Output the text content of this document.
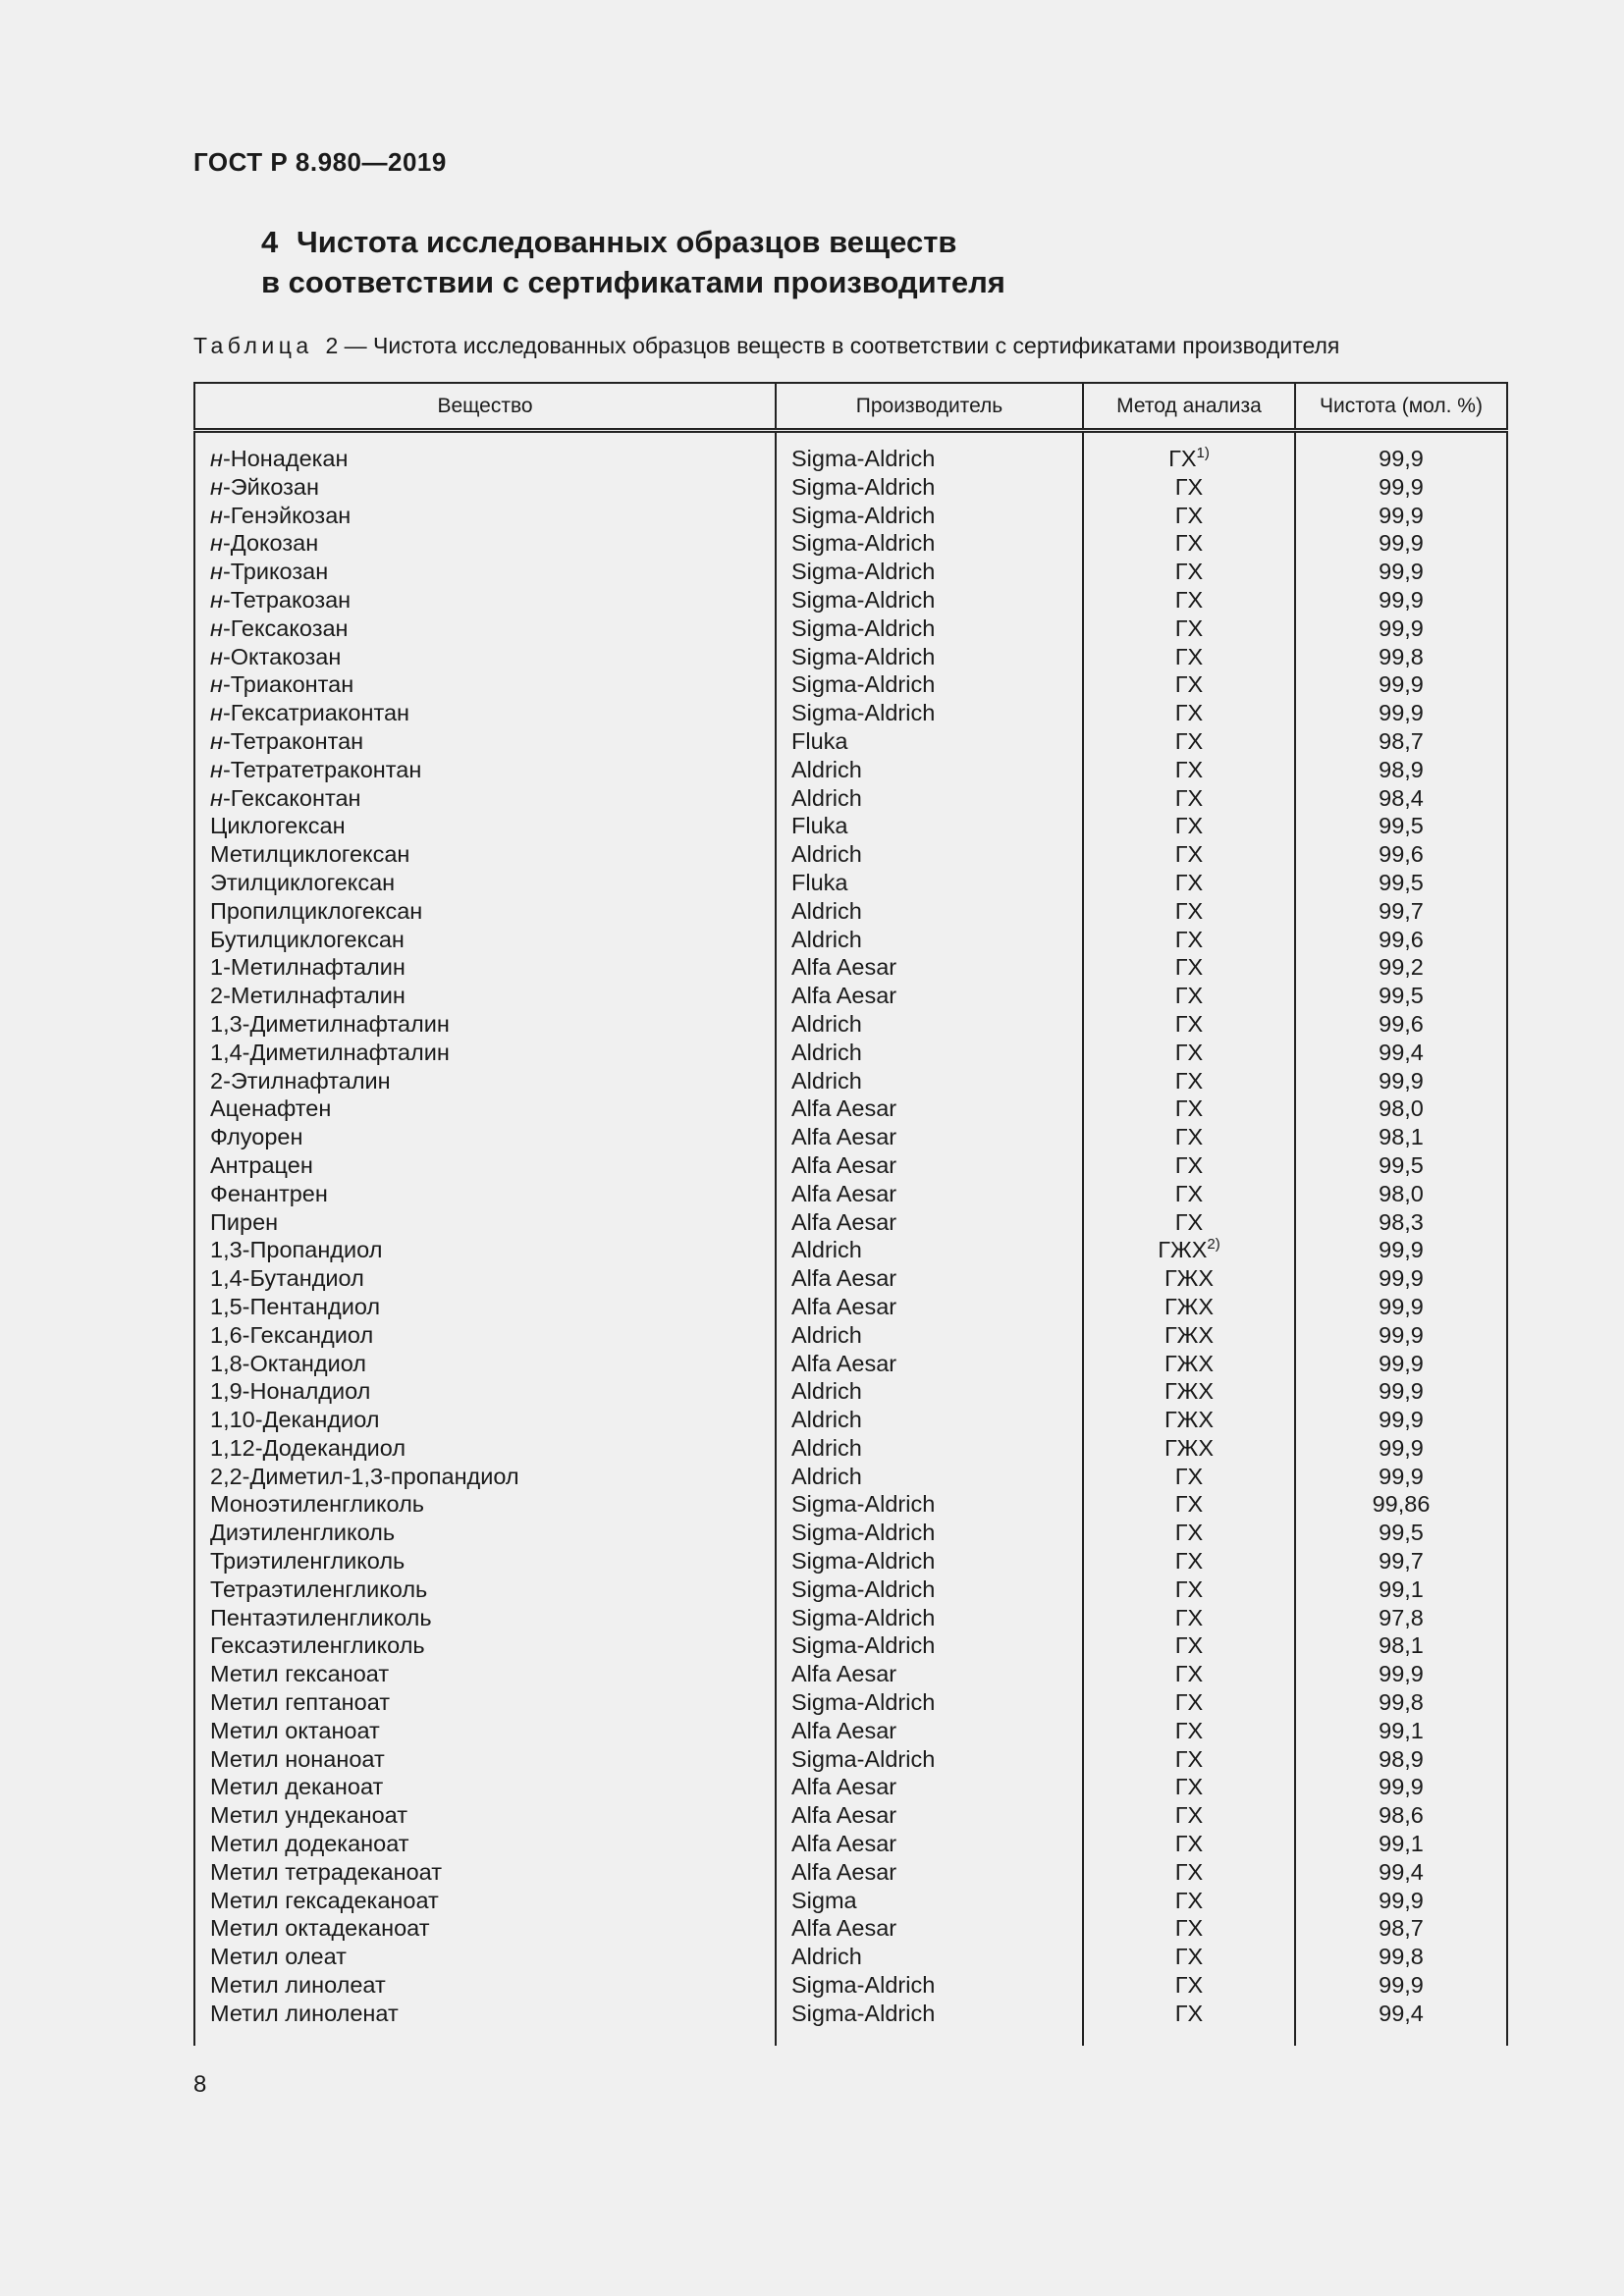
ГОСТ Р 8.980—2019
4 Чистота исследованных образцов веществ
в соответствии с сертификатами производителя
Таблица 2 — Чистота исследованных образцов веществ в соответствии с сертификатами производителя
Вещество	Производитель	Метод анализа	Чистота (мол. %)

н-Нонадекан	Sigma-Aldrich	ГХ$^{1)}$	99,9
н-Эйкозан	Sigma-Aldrich	ГХ	99,9
н-Генэйкозан	Sigma-Aldrich	ГХ	99,9
н-Докозан	Sigma-Aldrich	ГХ	99,9
н-Трикозан	Sigma-Aldrich	ГХ	99,9
н-Тетракозан	Sigma-Aldrich	ГХ	99,9
н-Гексакозан	Sigma-Aldrich	ГХ	99,9
н-Октакозан	Sigma-Aldrich	ГХ	99,8
н-Триаконтан	Sigma-Aldrich	ГХ	99,9
н-Гексатриаконтан	Sigma-Aldrich	ГХ	99,9
н-Тетраконтан	Fluka	ГХ	98,7
н-Тетратетраконтан	Aldrich	ГХ	98,9
н-Гексаконтан	Aldrich	ГХ	98,4
Циклогексан	Fluka	ГХ	99,5
Метилциклогексан	Aldrich	ГХ	99,6
Этилциклогексан	Fluka	ГХ	99,5
Пропилциклогексан	Aldrich	ГХ	99,7
Бутилциклогексан	Aldrich	ГХ	99,6
1-Метилнафталин	Alfa Aesar	ГХ	99,2
2-Метилнафталин	Alfa Aesar	ГХ	99,5
1,3-Диметилнафталин	Aldrich	ГХ	99,6
1,4-Диметилнафталин	Aldrich	ГХ	99,4
2-Этилнафталин	Aldrich	ГХ	99,9
Аценафтен	Alfa Aesar	ГХ	98,0
Флуорен	Alfa Aesar	ГХ	98,1
Антрацен	Alfa Aesar	ГХ	99,5
Фенантрен	Alfa Aesar	ГХ	98,0
Пирен	Alfa Aesar	ГХ	98,3
1,3-Пропандиол	Aldrich	ГЖХ$^{2)}$	99,9
1,4-Бутандиол	Alfa Aesar	ГЖХ	99,9
1,5-Пентандиол	Alfa Aesar	ГЖХ	99,9
1,6-Гександиол	Aldrich	ГЖХ	99,9
1,8-Октандиол	Alfa Aesar	ГЖХ	99,9
1,9-Ноналдиол	Aldrich	ГЖХ	99,9
1,10-Декандиол	Aldrich	ГЖХ	99,9
1,12-Додекандиол	Aldrich	ГЖХ	99,9
2,2-Диметил-1,3-пропандиол	Aldrich	ГХ	99,9
Моноэтиленгликоль	Sigma-Aldrich	ГХ	99,86
Диэтиленгликоль	Sigma-Aldrich	ГХ	99,5
Триэтиленгликоль	Sigma-Aldrich	ГХ	99,7
Тетраэтиленгликоль	Sigma-Aldrich	ГХ	99,1
Пентаэтиленгликоль	Sigma-Aldrich	ГХ	97,8
Гексаэтиленгликоль	Sigma-Aldrich	ГХ	98,1
Метил гексаноат	Alfa Aesar	ГХ	99,9
Метил гептаноат	Sigma-Aldrich	ГХ	99,8
Метил октаноат	Alfa Aesar	ГХ	99,1
Метил нонаноат	Sigma-Aldrich	ГХ	98,9
Метил деканоат	Alfa Aesar	ГХ	99,9
Метил ундеканоат	Alfa Aesar	ГХ	98,6
Метил додеканоат	Alfa Aesar	ГХ	99,1
Метил тетрадеканоат	Alfa Aesar	ГХ	99,4
Метил гексадеканоат	Sigma	ГХ	99,9
Метил октадеканоат	Alfa Aesar	ГХ	98,7
Метил олеат	Aldrich	ГХ	99,8
Метил линолеат	Sigma-Aldrich	ГХ	99,9
Метил линоленат	Sigma-Aldrich	ГХ	99,4

8
